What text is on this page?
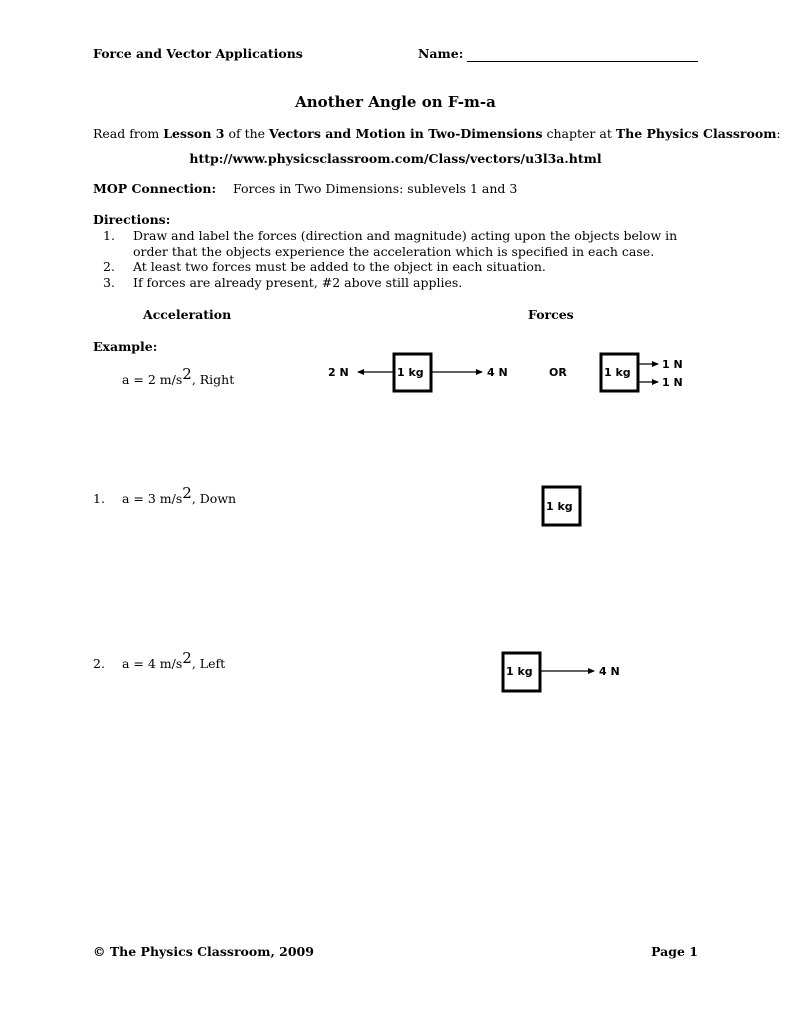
Force and Vector Applications	Name:
Another Angle on F-m-a
Read from Lesson 3 of the Vectors and Motion in Two-Dimensions chapter at The Physics Classroom:
http://www.physicsclassroom.com/Class/vectors/u3l3a.html
MOP Connection: Forces in Two Dimensions: sublevels 1 and 3
Directions:
1. Draw and label the forces (direction and magnitude) acting upon the objects below in order that the objects experience the acceleration which is specified in each case.
2. At least two forces must be added to the object in each situation.
3. If forces are already present, #2 above still applies.
Acceleration	Forces
Example:
a = 2 $m/s^2$, Right	2 N	1 kg	4 N	OR	1 kg
1 N
1 N
1. a = 3 $m/s^2$, Down
1 kg
2. a = 4 $m/s^2$, Left
1 kg	4 N
© The Physics Classroom, 2009	Page 1
